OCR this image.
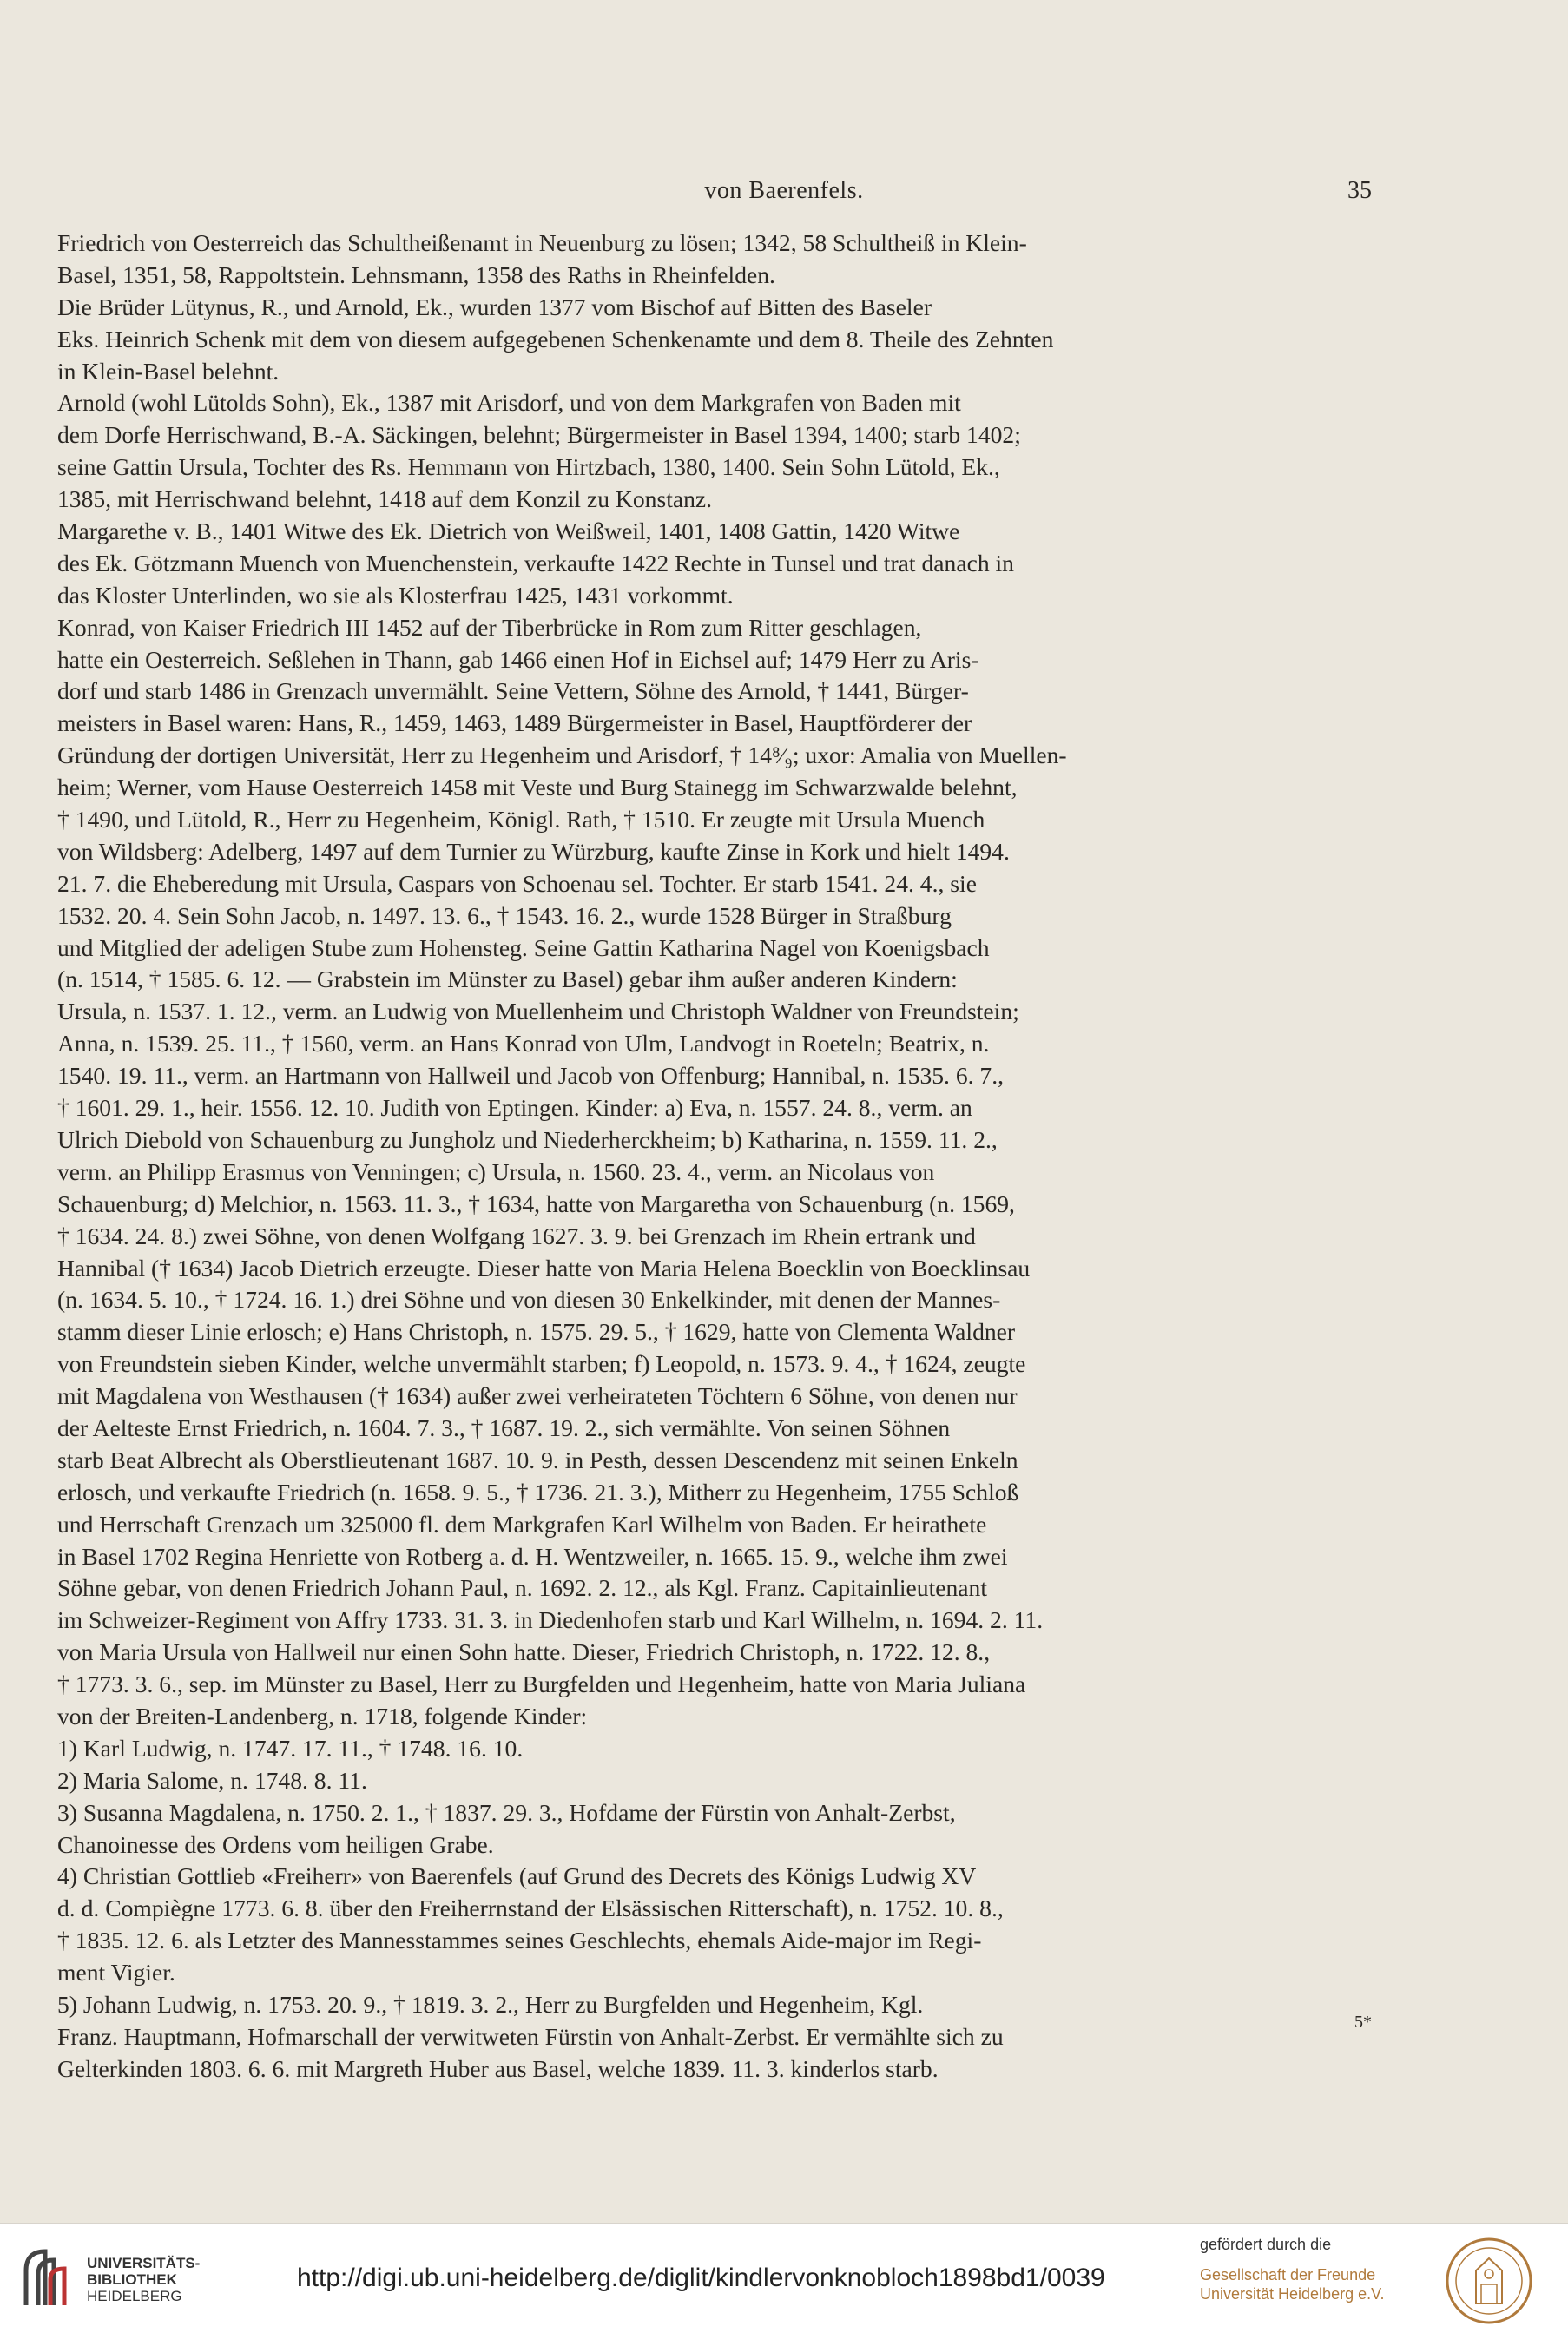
von Baerenfels.	35
Friedrich von Oesterreich das Schultheißenamt in Neuenburg zu lösen; 1342, 58 Schultheiß in Klein-
Basel, 1351, 58, Rappoltstein. Lehnsmann, 1358 des Raths in Rheinfelden.
Die Brüder Lütynus, R., und Arnold, Ek., wurden 1377 vom Bischof auf Bitten des Baseler
Eks. Heinrich Schenk mit dem von diesem aufgegebenen Schenkenamte und dem 8. Theile des Zehnten
in Klein-Basel belehnt.
Arnold (wohl Lütolds Sohn), Ek., 1387 mit Arisdorf, und von dem Markgrafen von Baden mit
dem Dorfe Herrischwand, B.-A. Säckingen, belehnt; Bürgermeister in Basel 1394, 1400; starb 1402;
seine Gattin Ursula, Tochter des Rs. Hemmann von Hirtzbach, 1380, 1400. Sein Sohn Lütold, Ek.,
1385, mit Herrischwand belehnt, 1418 auf dem Konzil zu Konstanz.
Margarethe v. B., 1401 Witwe des Ek. Dietrich von Weißweil, 1401, 1408 Gattin, 1420 Witwe
des Ek. Götzmann Muench von Muenchenstein, verkaufte 1422 Rechte in Tunsel und trat danach in
das Kloster Unterlinden, wo sie als Klosterfrau 1425, 1431 vorkommt.
Konrad, von Kaiser Friedrich III 1452 auf der Tiberbrücke in Rom zum Ritter geschlagen,
hatte ein Oesterreich. Seßlehen in Thann, gab 1466 einen Hof in Eichsel auf; 1479 Herr zu Aris-
dorf und starb 1486 in Grenzach unvermählt. Seine Vettern, Söhne des Arnold, † 1441, Bürger-
meisters in Basel waren: Hans, R., 1459, 1463, 1489 Bürgermeister in Basel, Hauptförderer der
Gründung der dortigen Universität, Herr zu Hegenheim und Arisdorf, † 14⁸⁄₉; uxor: Amalia von Muellen-
heim; Werner, vom Hause Oesterreich 1458 mit Veste und Burg Stainegg im Schwarzwalde belehnt,
† 1490, und Lütold, R., Herr zu Hegenheim, Königl. Rath, † 1510. Er zeugte mit Ursula Muench
von Wildsberg: Adelberg, 1497 auf dem Turnier zu Würzburg, kaufte Zinse in Kork und hielt 1494.
21. 7. die Eheberedung mit Ursula, Caspars von Schoenau sel. Tochter. Er starb 1541. 24. 4., sie
1532. 20. 4. Sein Sohn Jacob, n. 1497. 13. 6., † 1543. 16. 2., wurde 1528 Bürger in Straßburg
und Mitglied der adeligen Stube zum Hohensteg. Seine Gattin Katharina Nagel von Koenigsbach
(n. 1514, † 1585. 6. 12. — Grabstein im Münster zu Basel) gebar ihm außer anderen Kindern:
Ursula, n. 1537. 1. 12., verm. an Ludwig von Muellenheim und Christoph Waldner von Freundstein;
Anna, n. 1539. 25. 11., † 1560, verm. an Hans Konrad von Ulm, Landvogt in Roeteln; Beatrix, n.
1540. 19. 11., verm. an Hartmann von Hallweil und Jacob von Offenburg; Hannibal, n. 1535. 6. 7.,
† 1601. 29. 1., heir. 1556. 12. 10. Judith von Eptingen. Kinder: a) Eva, n. 1557. 24. 8., verm. an
Ulrich Diebold von Schauenburg zu Jungholz und Niederherckheim; b) Katharina, n. 1559. 11. 2.,
verm. an Philipp Erasmus von Venningen; c) Ursula, n. 1560. 23. 4., verm. an Nicolaus von
Schauenburg; d) Melchior, n. 1563. 11. 3., † 1634, hatte von Margaretha von Schauenburg (n. 1569,
† 1634. 24. 8.) zwei Söhne, von denen Wolfgang 1627. 3. 9. bei Grenzach im Rhein ertrank und
Hannibal († 1634) Jacob Dietrich erzeugte. Dieser hatte von Maria Helena Boecklin von Boecklinsau
(n. 1634. 5. 10., † 1724. 16. 1.) drei Söhne und von diesen 30 Enkelkinder, mit denen der Mannes-
stamm dieser Linie erlosch; e) Hans Christoph, n. 1575. 29. 5., † 1629, hatte von Clementa Waldner
von Freundstein sieben Kinder, welche unvermählt starben; f) Leopold, n. 1573. 9. 4., † 1624, zeugte
mit Magdalena von Westhausen († 1634) außer zwei verheirateten Töchtern 6 Söhne, von denen nur
der Aelteste Ernst Friedrich, n. 1604. 7. 3., † 1687. 19. 2., sich vermählte. Von seinen Söhnen
starb Beat Albrecht als Oberstlieutenant 1687. 10. 9. in Pesth, dessen Descendenz mit seinen Enkeln
erlosch, und verkaufte Friedrich (n. 1658. 9. 5., † 1736. 21. 3.), Mitherr zu Hegenheim, 1755 Schloß
und Herrschaft Grenzach um 325000 fl. dem Markgrafen Karl Wilhelm von Baden. Er heirathete
in Basel 1702 Regina Henriette von Rotberg a. d. H. Wentzweiler, n. 1665. 15. 9., welche ihm zwei
Söhne gebar, von denen Friedrich Johann Paul, n. 1692. 2. 12., als Kgl. Franz. Capitainlieutenant
im Schweizer-Regiment von Affry 1733. 31. 3. in Diedenhofen starb und Karl Wilhelm, n. 1694. 2. 11.
von Maria Ursula von Hallweil nur einen Sohn hatte. Dieser, Friedrich Christoph, n. 1722. 12. 8.,
† 1773. 3. 6., sep. im Münster zu Basel, Herr zu Burgfelden und Hegenheim, hatte von Maria Juliana
von der Breiten-Landenberg, n. 1718, folgende Kinder:
1) Karl Ludwig, n. 1747. 17. 11., † 1748. 16. 10.
2) Maria Salome, n. 1748. 8. 11.
3) Susanna Magdalena, n. 1750. 2. 1., † 1837. 29. 3., Hofdame der Fürstin von Anhalt-Zerbst,
Chanoinesse des Ordens vom heiligen Grabe.
4) Christian Gottlieb «Freiherr» von Baerenfels (auf Grund des Decrets des Königs Ludwig XV
d. d. Compiègne 1773. 6. 8. über den Freiherrnstand der Elsässischen Ritterschaft), n. 1752. 10. 8.,
† 1835. 12. 6. als Letzter des Mannesstammes seines Geschlechts, ehemals Aide-major im Regi-
ment Vigier.
5) Johann Ludwig, n. 1753. 20. 9., † 1819. 3. 2., Herr zu Burgfelden und Hegenheim, Kgl.
Franz. Hauptmann, Hofmarschall der verwitweten Fürstin von Anhalt-Zerbst. Er vermählte sich zu
Gelterkinden 1803. 6. 6. mit Margreth Huber aus Basel, welche 1839. 11. 3. kinderlos starb.
5*
UNIVERSITÄTS-
BIBLIOTHEK
HEIDELBERG
http://digi.ub.uni-heidelberg.de/diglit/kindlervonknobloch1898bd1/0039
gefördert durch die
Gesellschaft der Freunde
Universität Heidelberg e.V.
